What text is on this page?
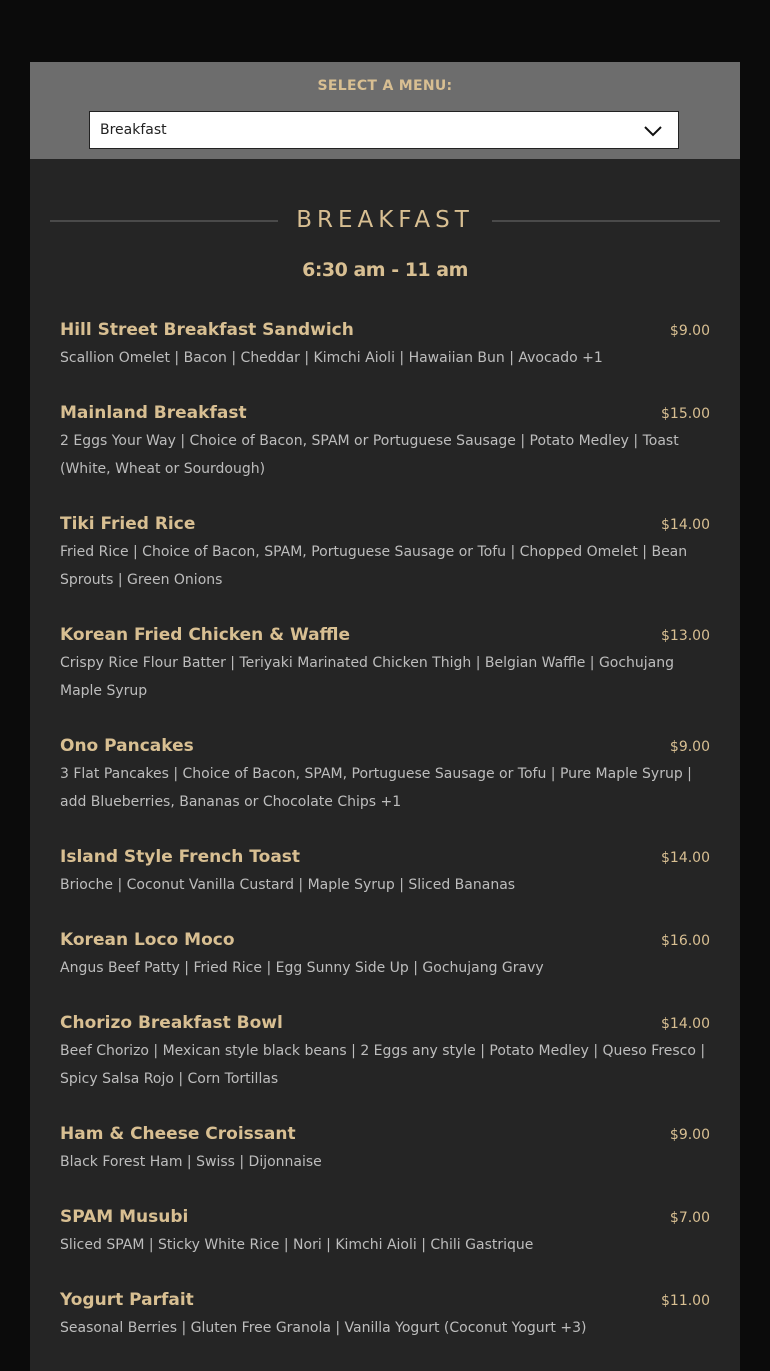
SELECT A MENU:
Breakfast
BREAKFAST
6:30 am - 11 am
Hill Street Breakfast Sandwich	$9.00
Scallion Omelet | Bacon | Cheddar | Kimchi Aioli | Hawaiian Bun | Avocado +1
Mainland Breakfast	$15.00
2 Eggs Your Way | Choice of Bacon, SPAM or Portuguese Sausage | Potato Medley | Toast (White, Wheat or Sourdough)
Tiki Fried Rice	$14.00
Fried Rice | Choice of Bacon, SPAM, Portuguese Sausage or Tofu | Chopped Omelet | Bean Sprouts | Green Onions
Korean Fried Chicken & Waffle	$13.00
Crispy Rice Flour Batter | Teriyaki Marinated Chicken Thigh | Belgian Waffle | Gochujang Maple Syrup
Ono Pancakes	$9.00
3 Flat Pancakes | Choice of Bacon, SPAM, Portuguese Sausage or Tofu | Pure Maple Syrup | add Blueberries, Bananas or Chocolate Chips +1
Island Style French Toast	$14.00
Brioche | Coconut Vanilla Custard | Maple Syrup | Sliced Bananas
Korean Loco Moco	$16.00
Angus Beef Patty | Fried Rice | Egg Sunny Side Up | Gochujang Gravy
Chorizo Breakfast Bowl	$14.00
Beef Chorizo | Mexican style black beans | 2 Eggs any style | Potato Medley | Queso Fresco | Spicy Salsa Rojo | Corn Tortillas
Ham & Cheese Croissant	$9.00
Black Forest Ham | Swiss | Dijonnaise
SPAM Musubi	$7.00
Sliced SPAM | Sticky White Rice | Nori | Kimchi Aioli | Chili Gastrique
Yogurt Parfait	$11.00
Seasonal Berries | Gluten Free Granola | Vanilla Yogurt (Coconut Yogurt +3)
